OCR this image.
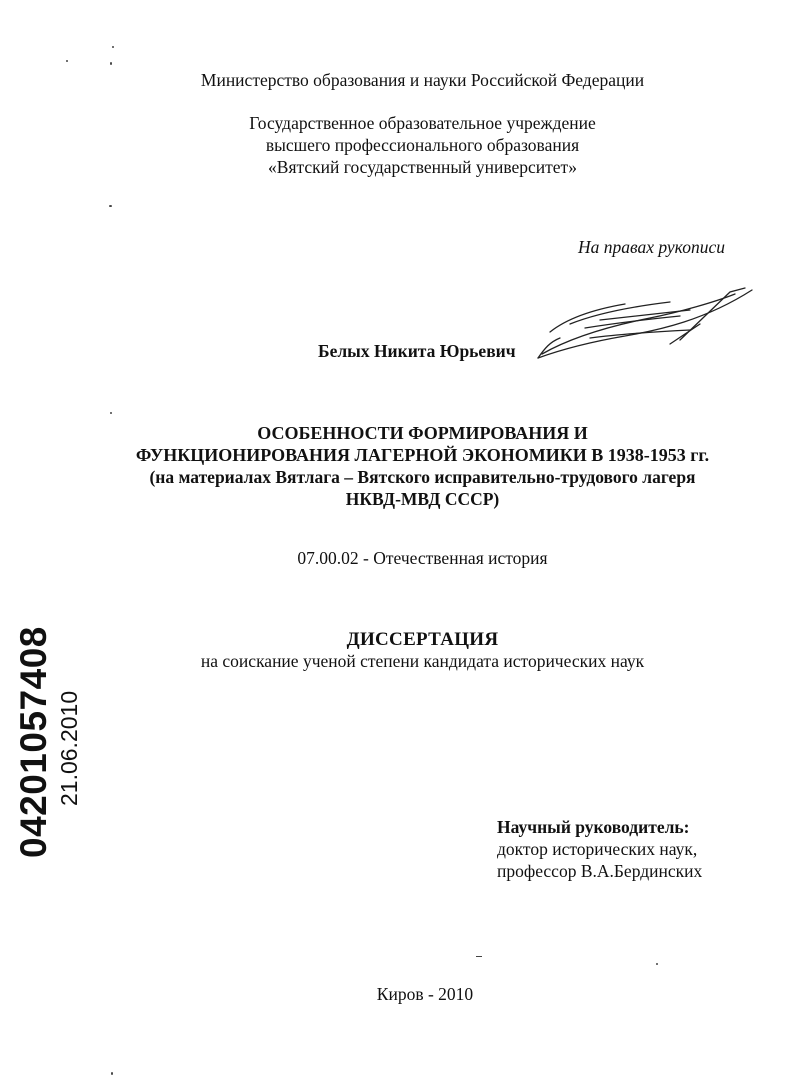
Министерство образования и науки Российской Федерации
Государственное образовательное учреждение
высшего профессионального образования
«Вятский государственный университет»
На правах рукописи
Белых Никита Юрьевич
ОСОБЕННОСТИ ФОРМИРОВАНИЯ И
ФУНКЦИОНИРОВАНИЯ ЛАГЕРНОЙ ЭКОНОМИКИ В 1938-1953 гг.
(на материалах Вятлага – Вятского исправительно-трудового лагеря
НКВД-МВД СССР)
07.00.02 - Отечественная история
ДИССЕРТАЦИЯ
на соискание ученой степени кандидата исторических наук
Научный руководитель:
доктор исторических наук,
профессор В.А.Бердинских
Киров - 2010
04201057408 21.06.2010
